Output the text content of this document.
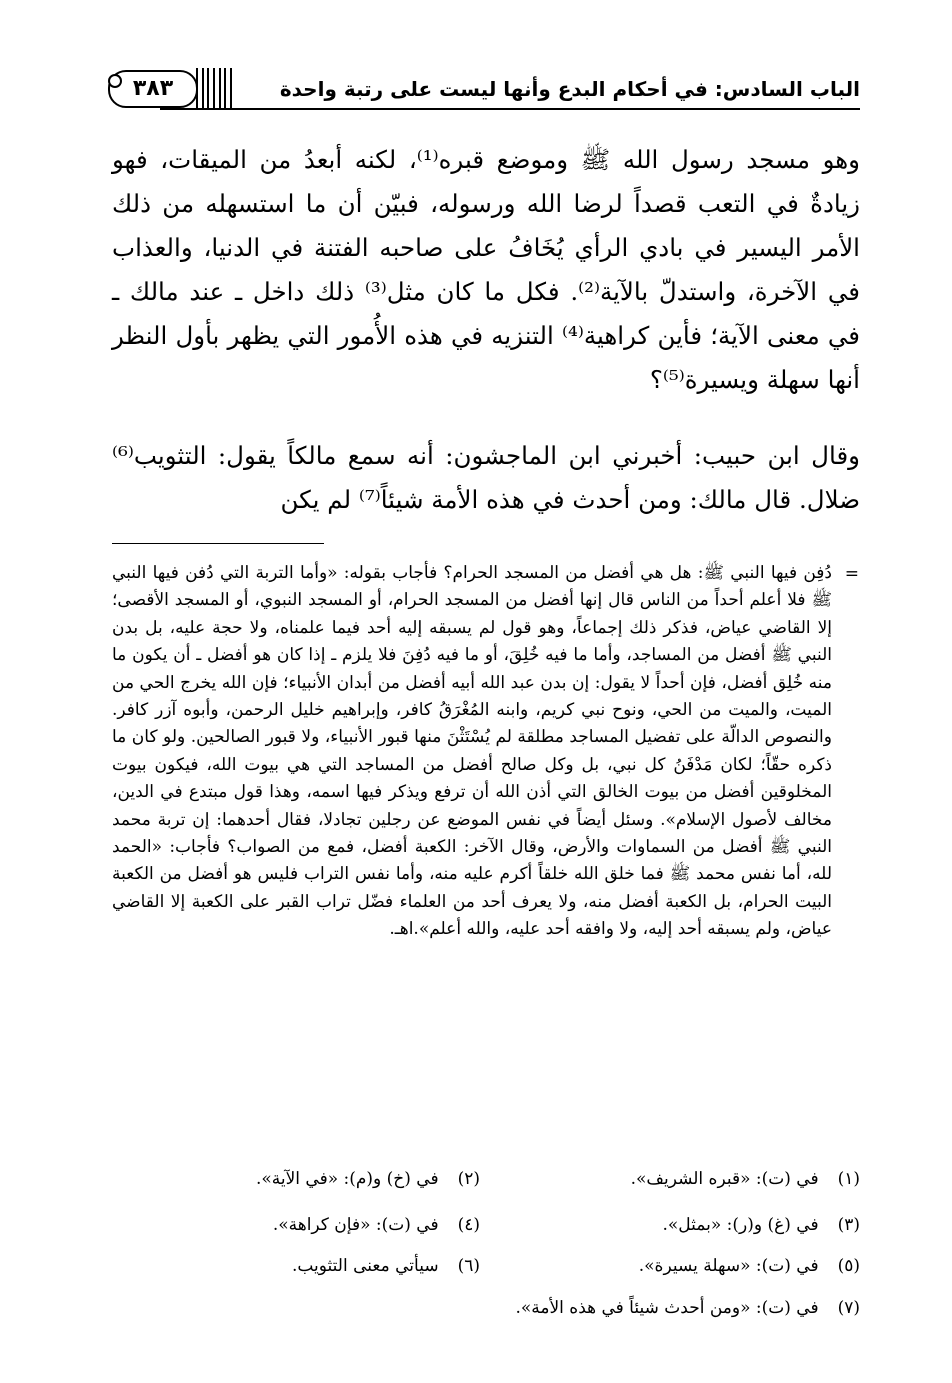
٣٨٣	الباب السادس: في أحكام البدع وأنها ليست على رتبة واحدة

وهو مسجد رسول الله ﷺ وموضع قبره⁽¹⁾، لكنه أبعدُ من الميقات، فهو زيادةٌ في التعب قصداً لرضا الله ورسوله، فبيّن أن ما استسهله من ذلك الأمر اليسير في بادي الرأي يُخَافُ على صاحبه الفتنة في الدنيا، والعذاب في الآخرة، واستدلّ بالآية⁽²⁾. فكل ما كان مثل⁽³⁾ ذلك داخل ـ عند مالك ـ في معنى الآية؛ فأين كراهية⁽⁴⁾ التنزيه في هذه الأُمور التي يظهر بأول النظر أنها سهلة ويسيرة⁽⁵⁾؟

وقال ابن حبيب: أخبرني ابن الماجشون: أنه سمع مالكاً يقول: التثويب⁽⁶⁾ ضلال. قال مالك: ومن أحدث في هذه الأمة شيئاً⁽⁷⁾ لم يكن

=

دُفِن فيها النبي ﷺ: هل هي أفضل من المسجد الحرام؟ فأجاب بقوله: «وأما التربة التي دُفن فيها النبي ﷺ فلا أعلم أحداً من الناس قال إنها أفضل من المسجد الحرام، أو المسجد النبوي، أو المسجد الأقصى؛ إلا القاضي عياض، فذكر ذلك إجماعاً، وهو قول لم يسبقه إليه أحد فيما علمناه، ولا حجة عليه، بل بدن النبي ﷺ أفضل من المساجد، وأما ما فيه خُلِقَ، أو ما فيه دُفِنَ فلا يلزم ـ إذا كان هو أفضل ـ أن يكون ما منه خُلِق أفضل، فإن أحداً لا يقول: إن بدن عبد الله أبيه أفضل من أبدان الأنبياء؛ فإن الله يخرج الحي من الميت، والميت من الحي، ونوح نبي كريم، وابنه المُغْرَقُ كافر، وإبراهيم خليل الرحمن، وأبوه آزر كافر. والنصوص الدالّة على تفضيل المساجد مطلقة لم يُسْتَثْنَ منها قبور الأنبياء، ولا قبور الصالحين. ولو كان ما ذكره حقّاً؛ لكان مَدْفَنُ كل نبي، بل وكل صالح أفضل من المساجد التي هي بيوت الله، فيكون بيوت المخلوقين أفضل من بيوت الخالق التي أذن الله أن ترفع ويذكر فيها اسمه، وهذا قول مبتدع في الدين، مخالف لأصول الإسلام». وسئل أيضاً في نفس الموضع عن رجلين تجادلا، فقال أحدهما: إن تربة محمد النبي ﷺ أفضل من السماوات والأرض، وقال الآخر: الكعبة أفضل، فمع من الصواب؟ فأجاب: «الحمد لله، أما نفس محمد ﷺ فما خلق الله خلقاً أكرم عليه منه، وأما نفس التراب فليس هو أفضل من الكعبة البيت الحرام، بل الكعبة أفضل منه، ولا يعرف أحد من العلماء فضّل تراب القبر على الكعبة إلا القاضي عياض، ولم يسبقه أحد إليه، ولا وافقه أحد عليه، والله أعلم».اهـ.

(١) في (ت): «قبره الشريف».
(٢) في (خ) و(م): «في الآية».
(٣) في (غ) و(ر): «بمثل».
(٤) في (ت): «فإن كراهة».
(٥) في (ت): «سهلة يسيرة».
(٦) سيأتي معنى التثويب.
(٧) في (ت): «ومن أحدث شيئاً في هذه الأمة».
